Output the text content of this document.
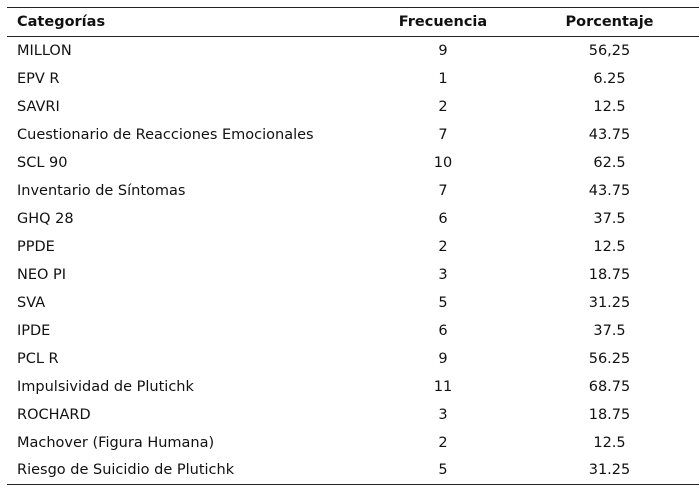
Categorías	Frecuencia	Porcentaje
MILLON	9	56,25
EPV R	1	6.25
SAVRI	2	12.5
Cuestionario de Reacciones Emocionales	7	43.75
SCL 90	10	62.5
Inventario de Síntomas	7	43.75
GHQ 28	6	37.5
PPDE	2	12.5
NEO PI	3	18.75
SVA	5	31.25
IPDE	6	37.5
PCL R	9	56.25
Impulsividad de Plutichk	11	68.75
ROCHARD	3	18.75
Machover (Figura Humana)	2	12.5
Riesgo de Suicidio de Plutichk	5	31.25
